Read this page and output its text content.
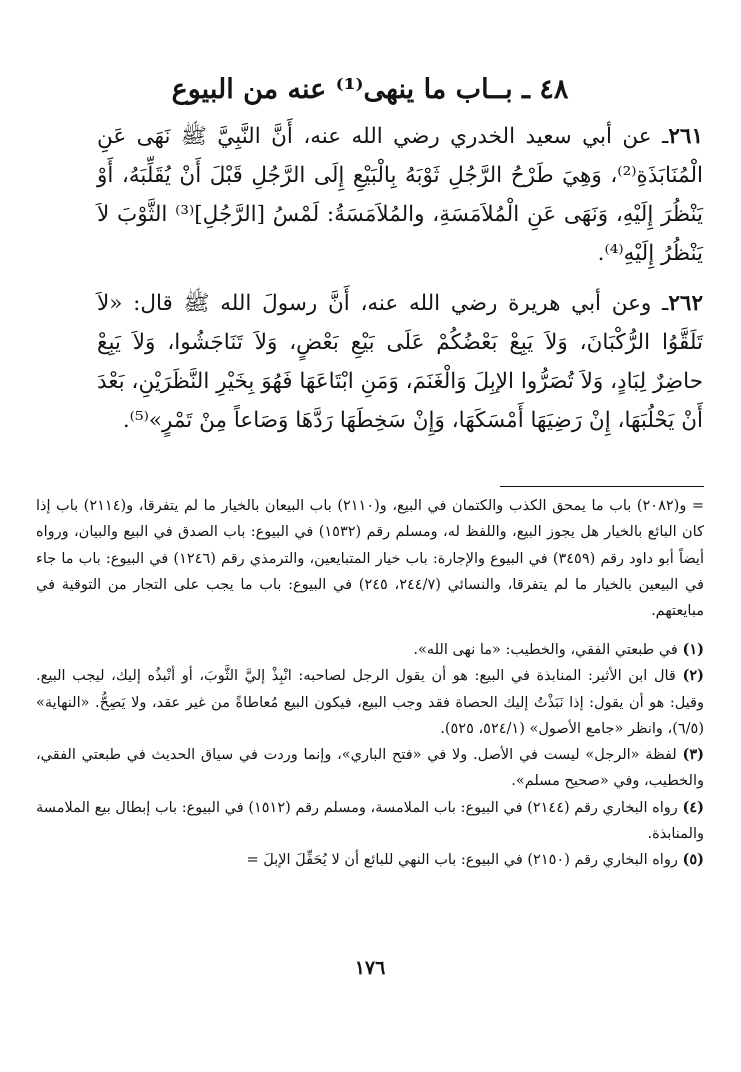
٤٨ ـ بــاب ما ينهى⁽¹⁾ عنه من البيوع
٢٦١ـ عن أبي سعيد الخدري رضي الله عنه، أَنَّ النَّبِيَّ ﷺ نَهَى عَنِ الْمُنَابَذَةِ⁽²⁾، وَهِيَ طَرْحُ الرَّجُلِ ثَوْبَهُ بِالْبَيْعِ إِلَى الرَّجُلِ قَبْلَ أَنْ يُقَلِّبَهُ، أَوْ يَنْظُرَ إِلَيْهِ، وَنَهَى عَنِ الْمُلاَمَسَةِ، والمُلاَمَسَةُ: لَمْسُ [الرَّجُلِ]⁽³⁾ الثَّوْبَ لاَ يَنْظُرُ إِلَيْهِ⁽⁴⁾.
٢٦٢ـ وعن أبي هريرة رضي الله عنه، أَنَّ رسولَ الله ﷺ قال: «لاَ تَلَقَّوُا الرُّكْبَانَ، وَلاَ يَبِعْ بَعْضُكُمْ عَلَى بَيْعِ بَعْضٍ، وَلاَ تَنَاجَشُوا، وَلاَ يَبِعْ حاضِرٌ لِبَادٍ، وَلاَ تُصَرُّوا الإبِلَ وَالْغَنَمَ، وَمَنِ ابْتَاعَهَا فَهُوَ بِخَيْرِ النَّظَرَيْنِ، بَعْدَ أَنْ يَحْلُبَهَا، إِنْ رَضِيَهَا أَمْسَكَهَا، وَإِنْ سَخِطَهَا رَدَّهَا وَصَاعاً مِنْ تَمْرٍ»⁽⁵⁾.
= و(٢٠٨٢) باب ما يمحق الكذب والكتمان في البيع، و(٢١١٠) باب البيعان بالخيار ما لم يتفرقا، و(٢١١٤) باب إذا كان البائع بالخيار هل يجوز البيع، واللفظ له، ومسلم رقم (١٥٣٢) في البيوع: باب الصدق في البيع والبيان، ورواه أيضاً أبو داود رقم (٣٤٥٩) في البيوع والإجارة: باب خيار المتبايعين، والترمذي رقم (١٢٤٦) في البيوع: باب ما جاء في البيعين بالخيار ما لم يتفرقا، والنسائي (٢٤٤/٧، ٢٤٥) في البيوع: باب ما يجب على التجار من التوقية في مبايعتهم.

(١) في طبعتي الفقي، والخطيب: «ما نهى الله».

(٢) قال ابن الأثير: المنابذة في البيع: هو أن يقول الرجل لصاحبه: انْبِذْ إليَّ الثَّوبَ، أو أنْبذُه إليك، ليجب البيع. وقيل: هو أن يقول: إذا نَبَذْتُ إليك الحصاة فقد وجب البيع، فيكون البيع مُعاطاةً من غير عقد، ولا يَصِحُّ. «النهاية» (٦/٥)، وانظر «جامع الأصول» (٥٢٤/١، ٥٢٥).

(٣) لفظة «الرجل» ليست في الأصل. ولا في «فتح الباري»، وإنما وردت في سياق الحديث في طبعتي الفقي، والخطيب، وفي «صحيح مسلم».

(٤) رواه البخاري رقم (٢١٤٤) في البيوع: باب الملامسة، ومسلم رقم (١٥١٢) في البيوع: باب إبطال بيع الملامسة والمنابذة.

(٥) رواه البخاري رقم (٢١٥٠) في البيوع: باب النهي للبائع أن لا يُحَفِّلَ الإبلَ =

١٧٦
